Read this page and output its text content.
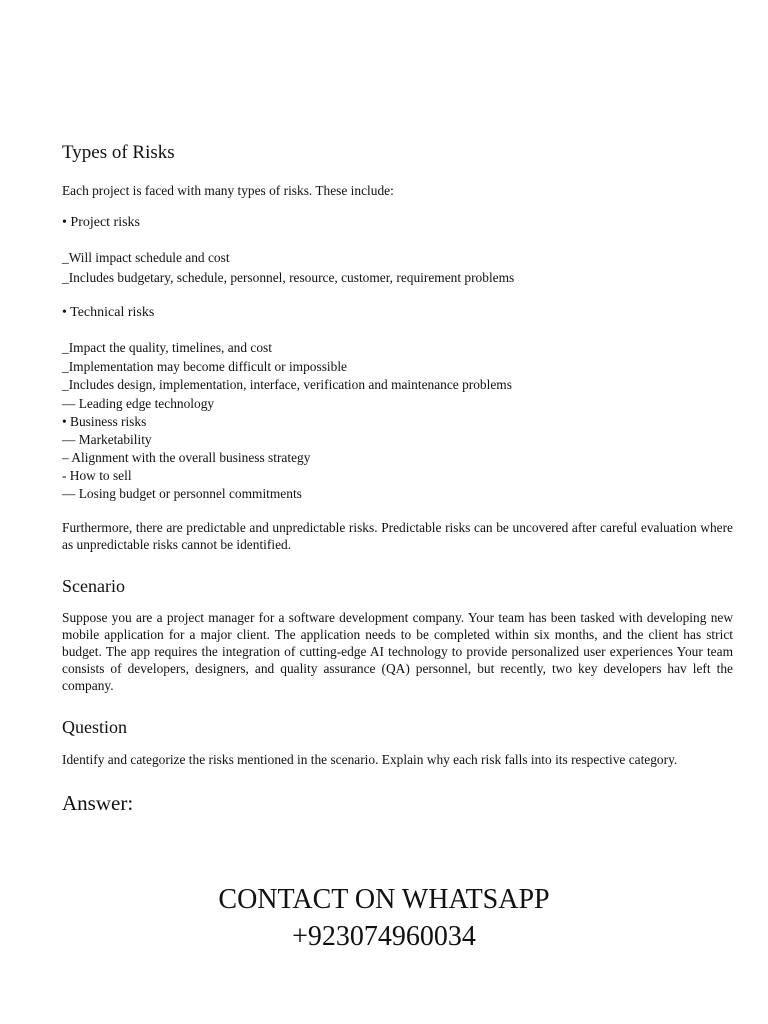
Types of Risks
Each project is faced with many types of risks. These include:
• Project risks
_Will impact schedule and cost
_Includes budgetary, schedule, personnel, resource, customer, requirement problems
• Technical risks
_Impact the quality, timelines, and cost
_Implementation may become difficult or impossible
_Includes design, implementation, interface, verification and maintenance problems
— Leading edge technology
• Business risks
— Marketability
– Alignment with the overall business strategy
- How to sell
— Losing budget or personnel commitments
Furthermore, there are predictable and unpredictable risks. Predictable risks can be uncovered after careful evaluation where as unpredictable risks cannot be identified.
Scenario
Suppose you are a project manager for a software development company. Your team has been tasked with developing new mobile application for a major client. The application needs to be completed within six months, and the client has strict budget. The app requires the integration of cutting-edge AI technology to provide personalized user experiences Your team consists of developers, designers, and quality assurance (QA) personnel, but recently, two key developers hav left the company.
Question
Identify and categorize the risks mentioned in the scenario. Explain why each risk falls into its respective category.
Answer:
CONTACT ON WHATSAPP
+923074960034
